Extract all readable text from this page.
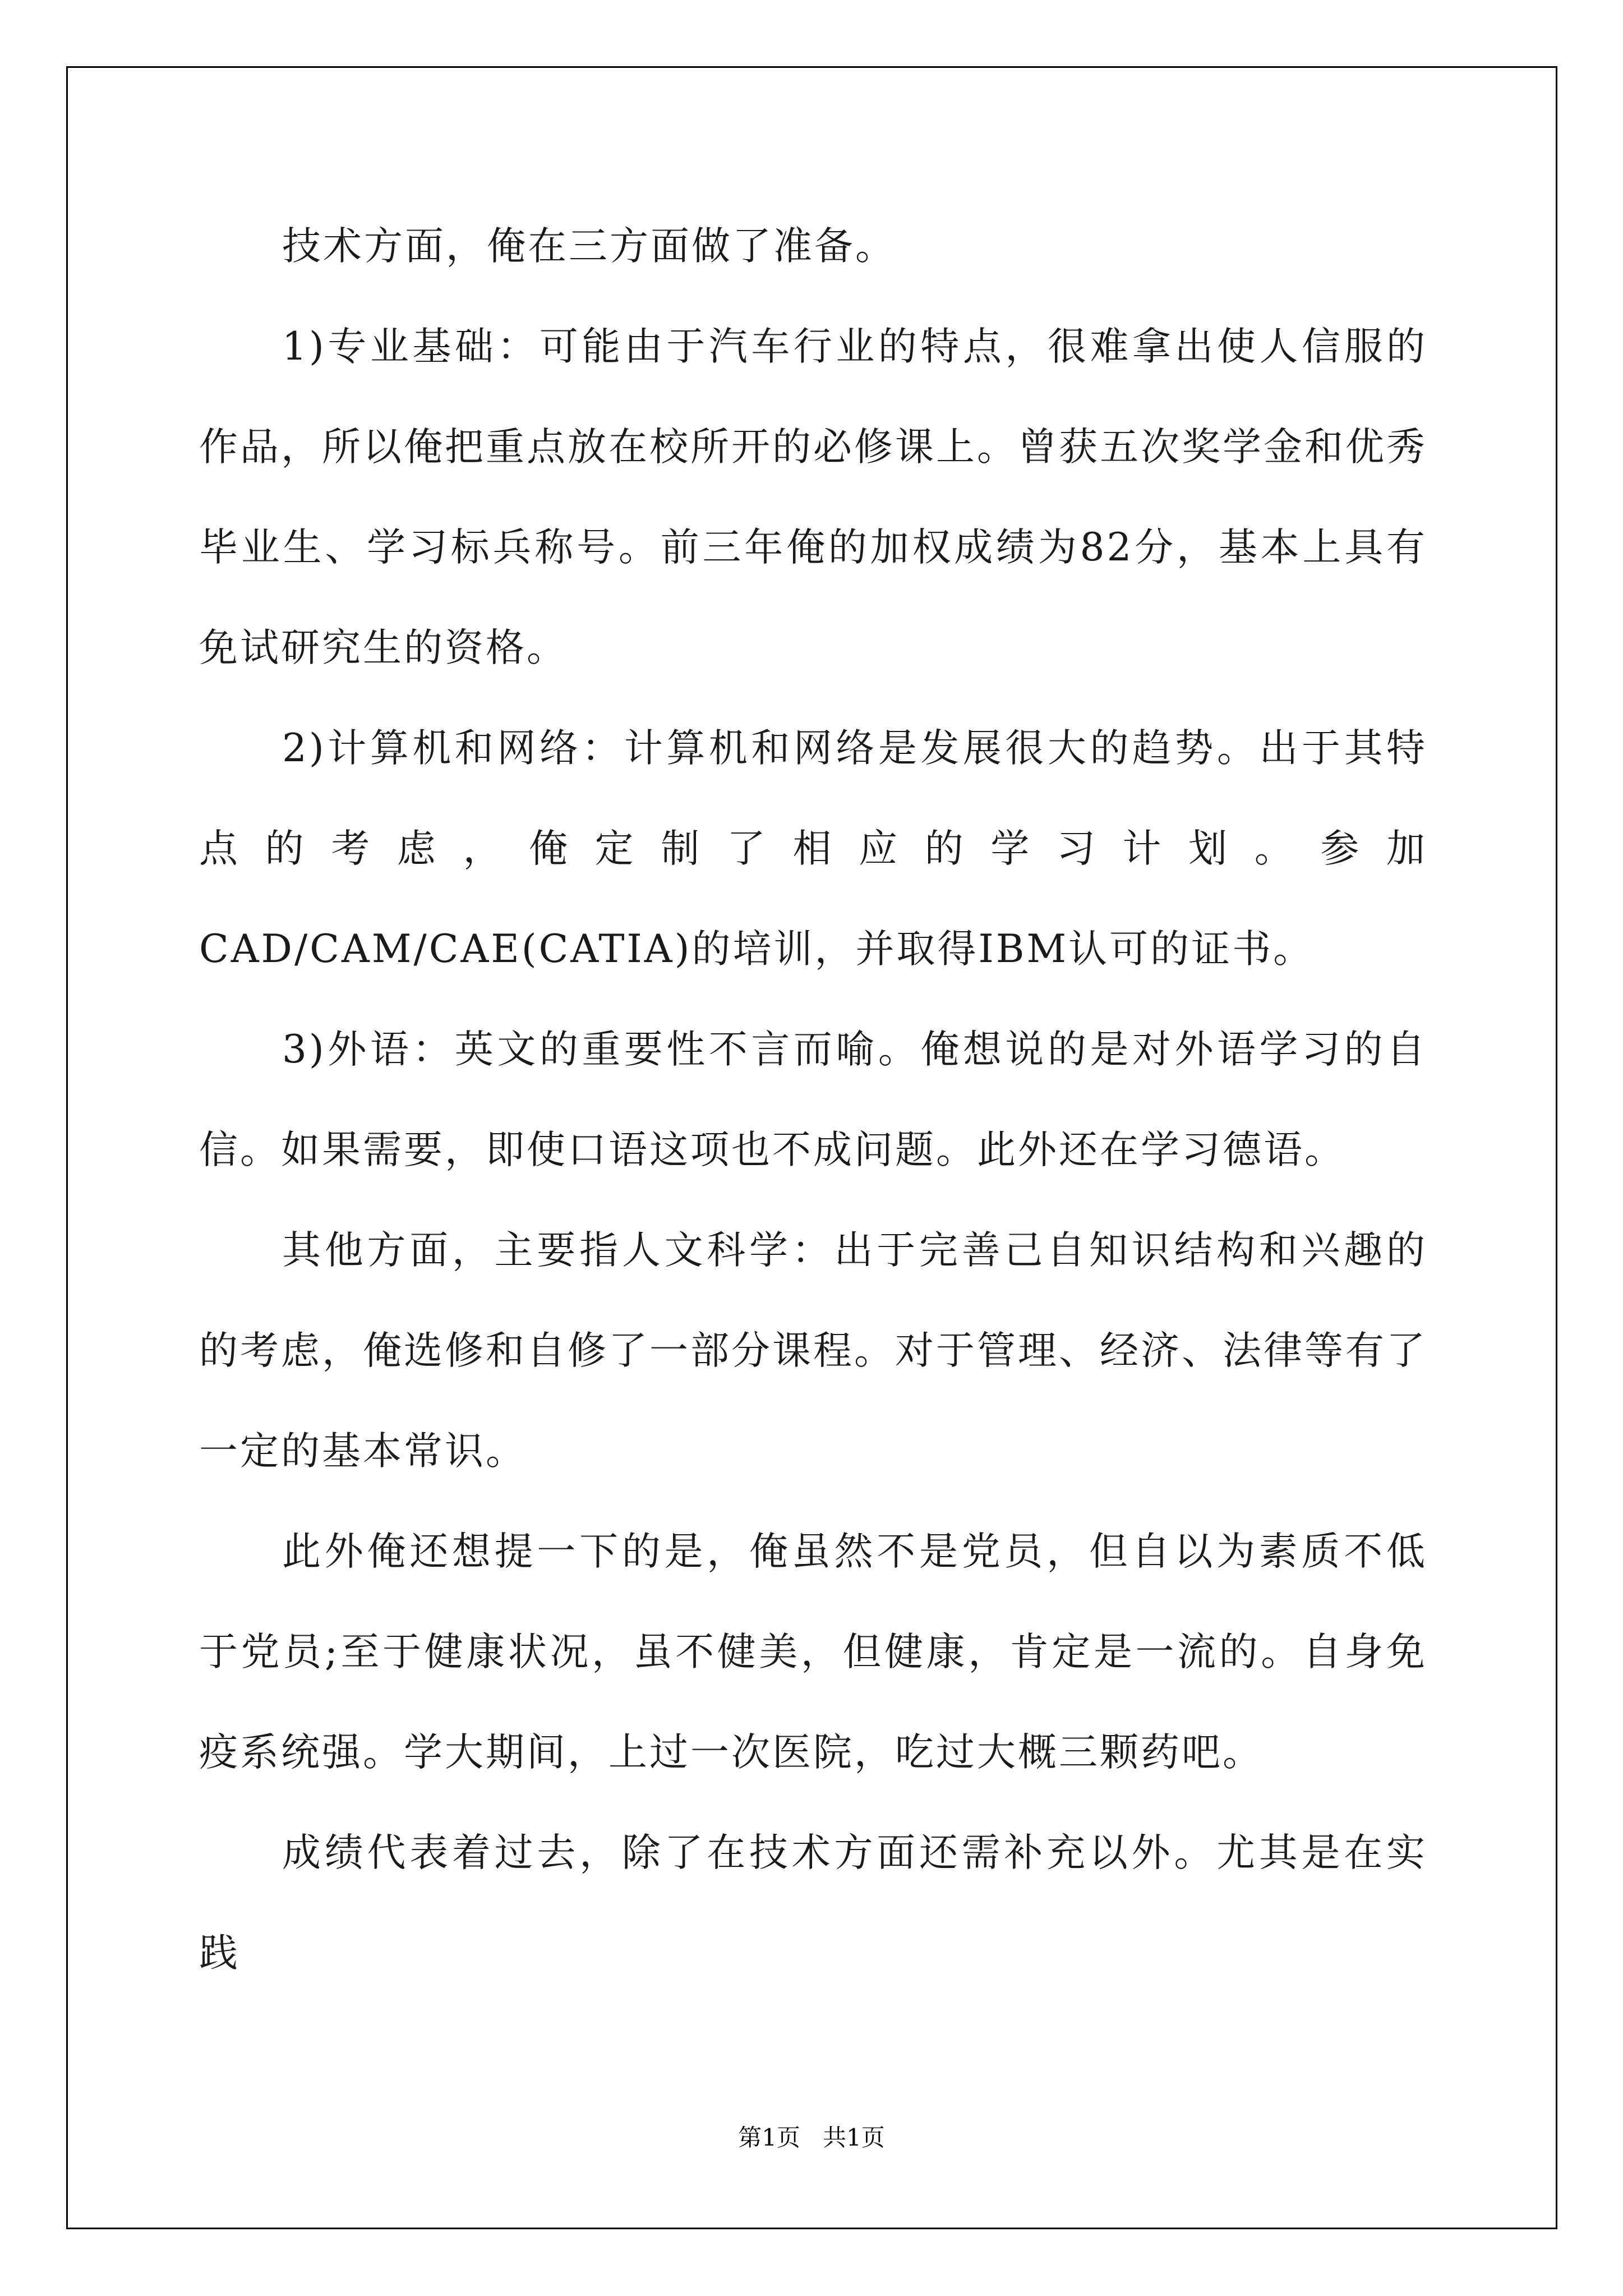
技术方面，俺在三方面做了准备。

1)专业基础：可能由于汽车行业的特点，很难拿出使人信服的作品，所以俺把重点放在校所开的必修课上。曾获五次奖学金和优秀毕业生、学习标兵称号。前三年俺的加权成绩为82分，基本上具有免试研究生的资格。

2)计算机和网络：计算机和网络是发展很大的趋势。出于其特点的考虑，俺定制了相应的学习计划。参加CAD/CAM/CAE(CATIA)的培训，并取得IBM认可的证书。

3)外语：英文的重要性不言而喻。俺想说的是对外语学习的自信。如果需要，即使口语这项也不成问题。此外还在学习德语。

其他方面，主要指人文科学：出于完善己自知识结构和兴趣的的考虑，俺选修和自修了一部分课程。对于管理、经济、法律等有了一定的基本常识。

此外俺还想提一下的是，俺虽然不是党员，但自以为素质不低于党员;至于健康状况，虽不健美，但健康，肯定是一流的。自身免疫系统强。学大期间，上过一次医院，吃过大概三颗药吧。

成绩代表着过去，除了在技术方面还需补充以外。尤其是在实践

第1页   共1页
